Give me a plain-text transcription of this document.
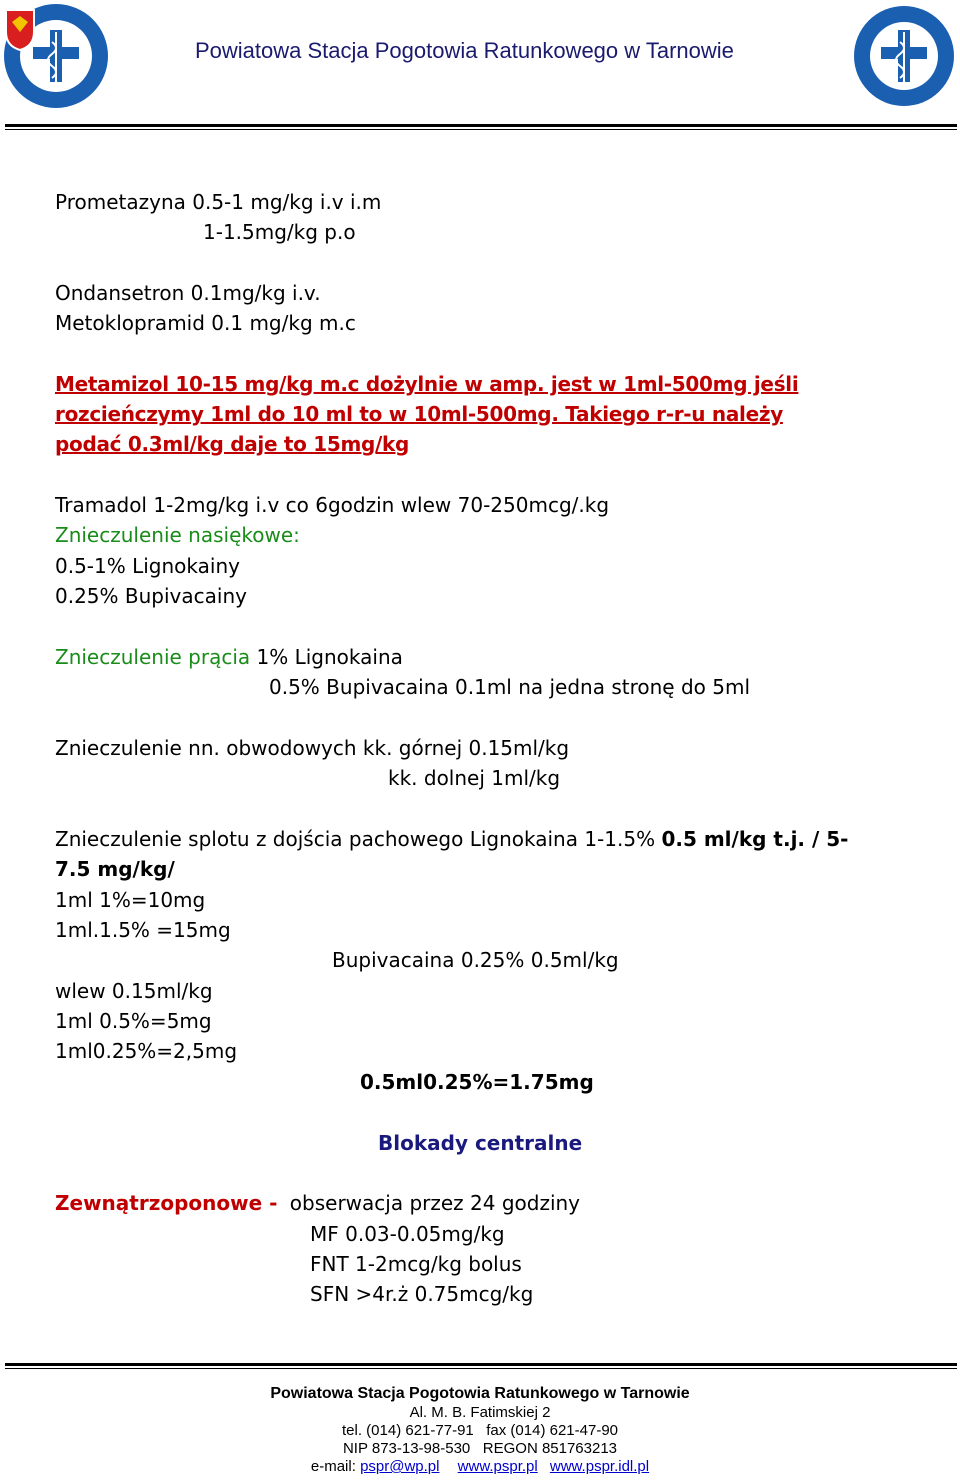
Powiatowa Stacja Pogotowia Ratunkowego w Tarnowie
Prometazyna 0.5-1 mg/kg i.v i.m
1-1.5mg/kg p.o
Ondansetron 0.1mg/kg i.v.
Metoklopramid 0.1 mg/kg m.c
Metamizol 10-15 mg/kg m.c dożylnie w amp. jest w 1ml-500mg jeśli
rozcieńczymy 1ml do 10 ml to w 10ml-500mg. Takiego r-r-u należy
podać 0.3ml/kg daje to 15mg/kg
Tramadol 1-2mg/kg i.v co 6godzin wlew 70-250mcg/.kg
Znieczulenie nasiękowe:
0.5-1% Lignokainy
0.25% Bupivacainy
Znieczulenie prącia 1% Lignokaina
0.5% Bupivacaina 0.1ml na jedna stronę do 5ml
Znieczulenie nn. obwodowych kk. górnej 0.15ml/kg
kk. dolnej 1ml/kg
Znieczulenie splotu z dojścia pachowego Lignokaina 1-1.5% 0.5 ml/kg t.j. / 5-
7.5 mg/kg/
1ml 1%=10mg
1ml.1.5% =15mg
Bupivacaina 0.25% 0.5ml/kg
wlew 0.15ml/kg
1ml 0.5%=5mg
1ml0.25%=2,5mg
0.5ml0.25%=1.75mg
Blokady centralne
Zewnątrzoponowe - obserwacja przez 24 godziny
MF 0.03-0.05mg/kg
FNT 1-2mcg/kg bolus
SFN >4r.ż 0.75mcg/kg
Powiatowa Stacja Pogotowia Ratunkowego w Tarnowie
Al. M. B. Fatimskiej 2
tel. (014) 621-77-91   fax (014) 621-47-90
NIP 873-13-98-530   REGON 851763213
e-mail: pspr@wp.pl www.pspr.pl www.pspr.idl.pl
